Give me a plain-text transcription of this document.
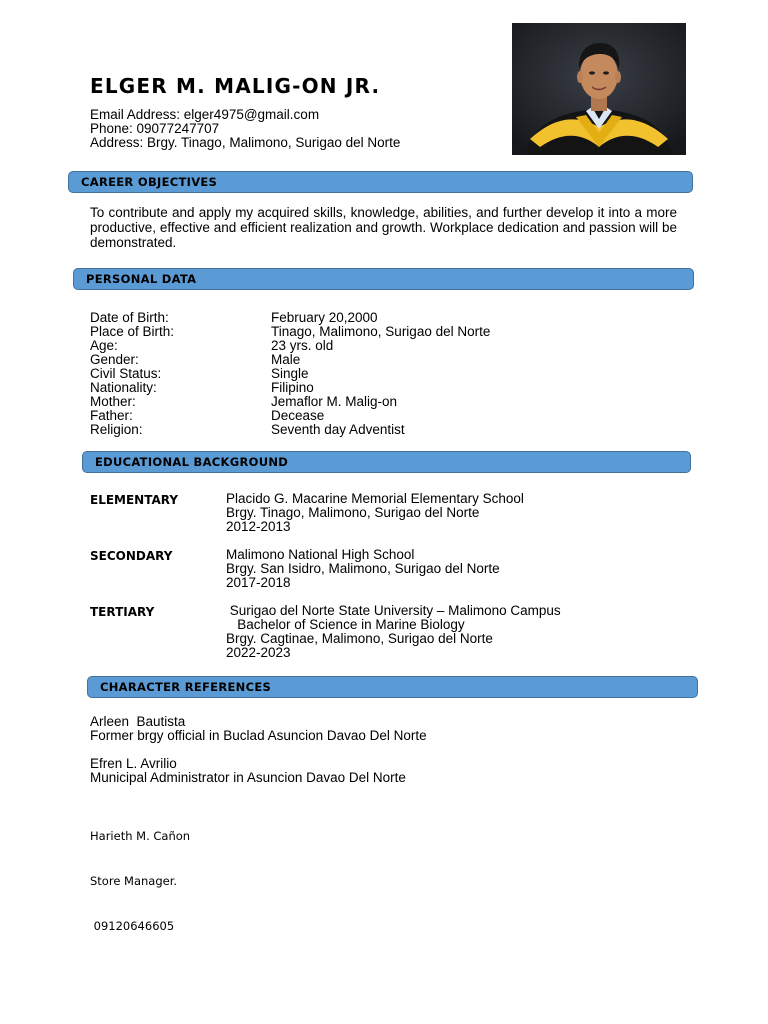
ELGER M. MALIG-ON JR.
Email Address: elger4975@gmail.com
Phone: 09077247707
Address: Brgy. Tinago, Malimono, Surigao del Norte
CAREER OBJECTIVES
To contribute and apply my acquired skills, knowledge, abilities, and further develop it into a more productive, effective and efficient realization and growth. Workplace dedication and passion will be demonstrated.
PERSONAL DATA
Date of Birth:	February 20,2000
Place of Birth:	Tinago, Malimono, Surigao del Norte
Age:	23 yrs. old
Gender:	Male
Civil Status:	Single
Nationality:	Filipino
Mother:	Jemaflor M. Malig-on
Father:	Decease
Religion:	Seventh day Adventist
EDUCATIONAL BACKGROUND
ELEMENTARY	Placido G. Macarine Memorial Elementary School
Brgy. Tinago, Malimono, Surigao del Norte
2012-2013
SECONDARY	Malimono National High School
Brgy. San Isidro, Malimono, Surigao del Norte
2017-2018
TERTIARY	Surigao del Norte State University – Malimono Campus
Bachelor of Science in Marine Biology
Brgy. Cagtinae, Malimono, Surigao del Norte
2022-2023
CHARACTER REFERENCES
Arleen  Bautista
Former brgy official in Buclad Asuncion Davao Del Norte
Efren L. Avrilio
Municipal Administrator in Asuncion Davao Del Norte

Harieth M. Cañon

Store Manager.

09120646605
